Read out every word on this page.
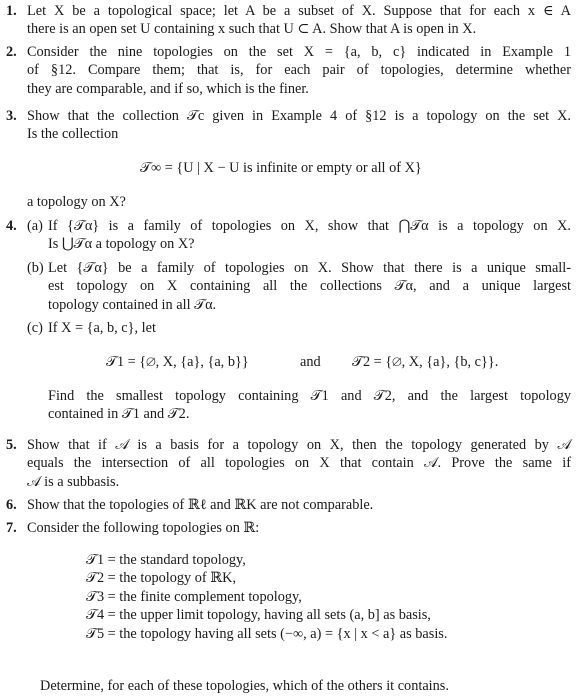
1. Let X be a topological space; let A be a subset of X. Suppose that for each x ∈ A
there is an open set U containing x such that U ⊂ A. Show that A is open in X.
2. Consider the nine topologies on the set X = {a, b, c} indicated in Example 1
of §12. Compare them; that is, for each pair of topologies, determine whether
they are comparable, and if so, which is the finer.
3. Show that the collection 𝒯c given in Example 4 of §12 is a topology on the set X.
Is the collection
𝒯∞ = {U | X − U is infinite or empty or all of X}
a topology on X?
4. (a) If {𝒯α} is a family of topologies on X, show that ⋂𝒯α is a topology on X.
Is ⋃𝒯α a topology on X?
(b) Let {𝒯α} be a family of topologies on X. Show that there is a unique small-
est topology on X containing all the collections 𝒯α, and a unique largest
topology contained in all 𝒯α.
(c) If X = {a, b, c}, let
𝒯1 = {∅, X, {a}, {a, b}}	and 𝒯2 = {∅, X, {a}, {b, c}}.
Find the smallest topology containing 𝒯1 and 𝒯2, and the largest topology
contained in 𝒯1 and 𝒯2.
5. Show that if 𝒜 is a basis for a topology on X, then the topology generated by 𝒜
equals the intersection of all topologies on X that contain 𝒜. Prove the same if
𝒜 is a subbasis.
6. Show that the topologies of ℝℓ and ℝK are not comparable.
7. Consider the following topologies on ℝ:
𝒯1 = the standard topology,
𝒯2 = the topology of ℝK,
𝒯3 = the finite complement topology,
𝒯4 = the upper limit topology, having all sets (a, b] as basis,
𝒯5 = the topology having all sets (−∞, a) = {x | x < a} as basis.
Determine, for each of these topologies, which of the others it contains.
